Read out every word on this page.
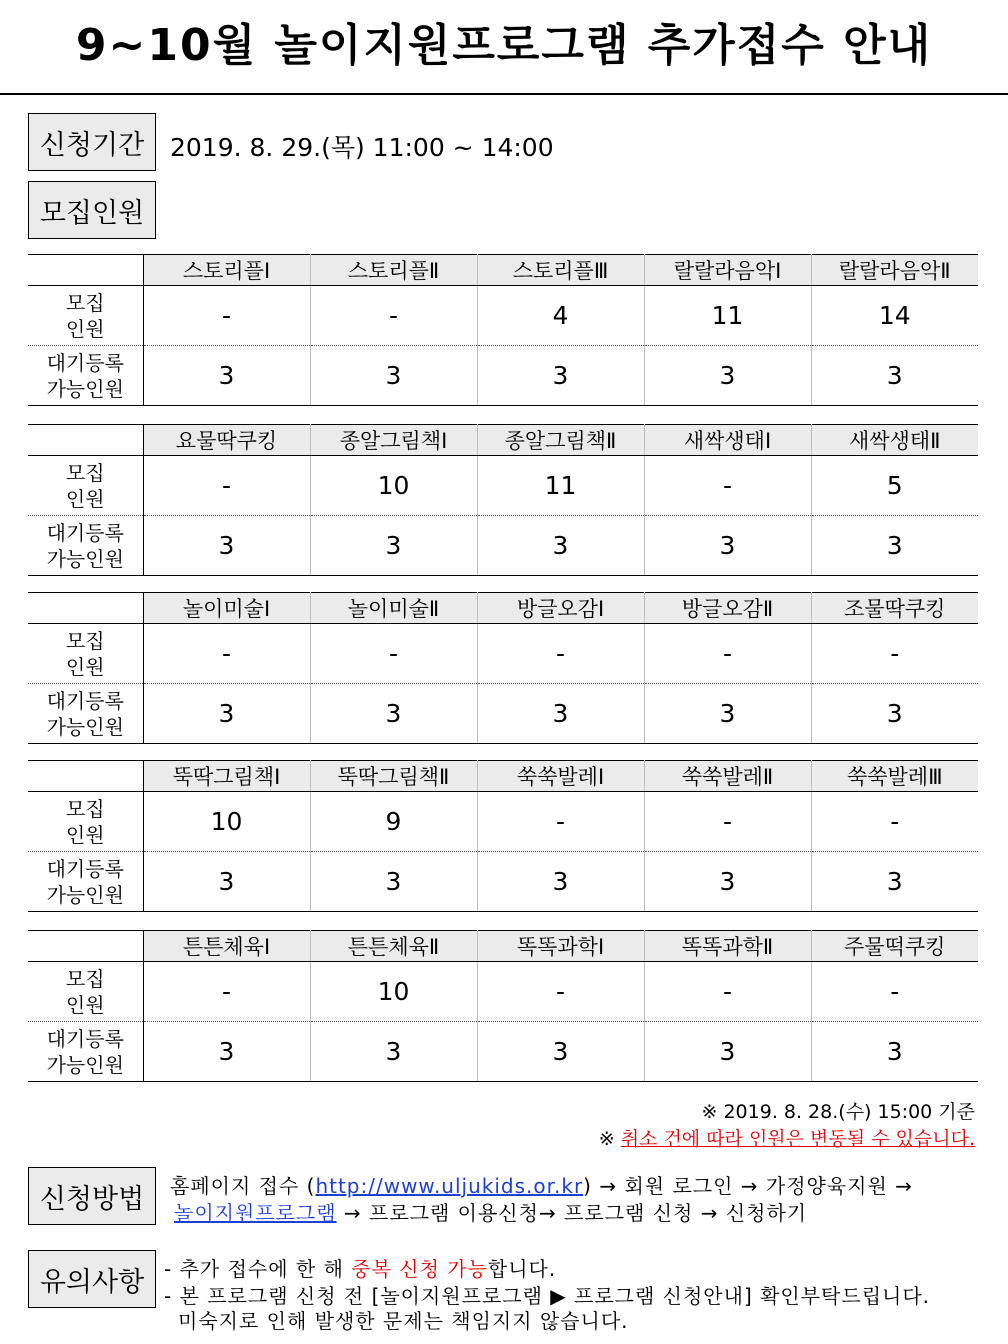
9~10월 놀이지원프로그램 추가접수 안내
신청기간	2019. 8. 29.(목) 11:00 ~ 14:00
모집인원
	스토리플Ⅰ	스토리플Ⅱ	스토리플Ⅲ	랄랄라음악Ⅰ	랄랄라음악Ⅱ
모집
인원	-	-	4	11	14
대기등록
가능인원	3	3	3	3	3
	요물딱쿠킹	종알그림책Ⅰ	종알그림책Ⅱ	새싹생태Ⅰ	새싹생태Ⅱ
모집
인원	-	10	11	-	5
대기등록
가능인원	3	3	3	3	3
	놀이미술Ⅰ	놀이미술Ⅱ	방글오감Ⅰ	방글오감Ⅱ	조물딱쿠킹
모집
인원	-	-	-	-	-
대기등록
가능인원	3	3	3	3	3
	뚝딱그림책Ⅰ	뚝딱그림책Ⅱ	쑥쑥발레Ⅰ	쑥쑥발레Ⅱ	쑥쑥발레Ⅲ
모집
인원	10	9	-	-	-
대기등록
가능인원	3	3	3	3	3
	튼튼체육Ⅰ	튼튼체육Ⅱ	똑똑과학Ⅰ	똑똑과학Ⅱ	주물떡쿠킹
모집
인원	-	10	-	-	-
대기등록
가능인원	3	3	3	3	3
※ 2019. 8. 28.(수) 15:00 기준
※ 취소 건에 따라 인원은 변동될 수 있습니다.
신청방법	홈페이지 접수 (http://www.uljukids.or.kr) → 회원 로그인 → 가정양육지원 →
놀이지원프로그램 → 프로그램 이용신청→ 프로그램 신청 → 신청하기
유의사항 - 추가 접수에 한 해 중복 신청 가능합니다.
- 본 프로그램 신청 전 [놀이지원프로그램 ▶ 프로그램 신청안내] 확인부탁드립니다.
미숙지로 인해 발생한 문제는 책임지지 않습니다.
